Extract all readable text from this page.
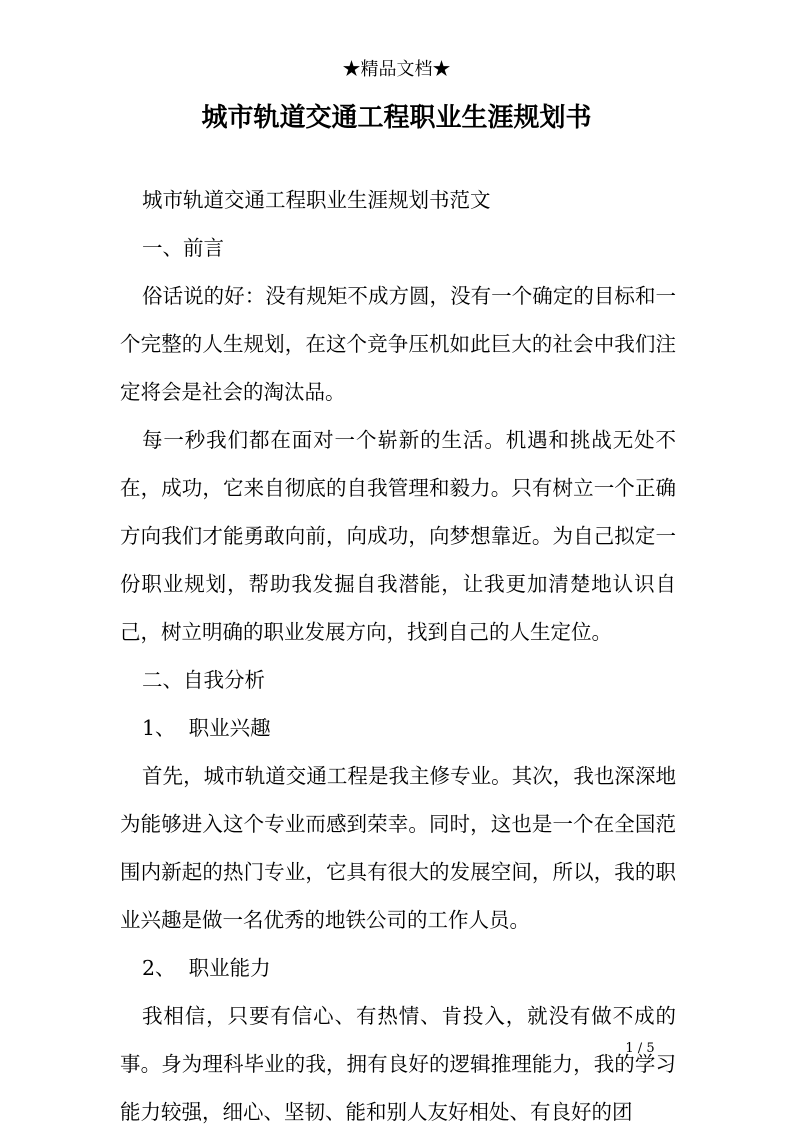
★精品文档★
城市轨道交通工程职业生涯规划书

城市轨道交通工程职业生涯规划书范文

一、前言

俗话说的好：没有规矩不成方圆，没有一个确定的目标和一个完整的人生规划，在这个竞争压机如此巨大的社会中我们注定将会是社会的淘汰品。

每一秒我们都在面对一个崭新的生活。机遇和挑战无处不在，成功，它来自彻底的自我管理和毅力。只有树立一个正确方向我们才能勇敢向前，向成功，向梦想靠近。为自己拟定一份职业规划，帮助我发掘自我潜能，让我更加清楚地认识自己，树立明确的职业发展方向，找到自己的人生定位。

二、自我分析

1、  职业兴趣

首先，城市轨道交通工程是我主修专业。其次，我也深深地为能够进入这个专业而感到荣幸。同时，这也是一个在全国范围内新起的热门专业，它具有很大的发展空间，所以，我的职业兴趣是做一名优秀的地铁公司的工作人员。

2、  职业能力

我相信，只要有信心、有热情、肯投入，就没有做不成的事。身为理科毕业的我，拥有良好的逻辑推理能力，我的学习能力较强，细心、坚韧、能和别人友好相处、有良好的团

1 / 5
